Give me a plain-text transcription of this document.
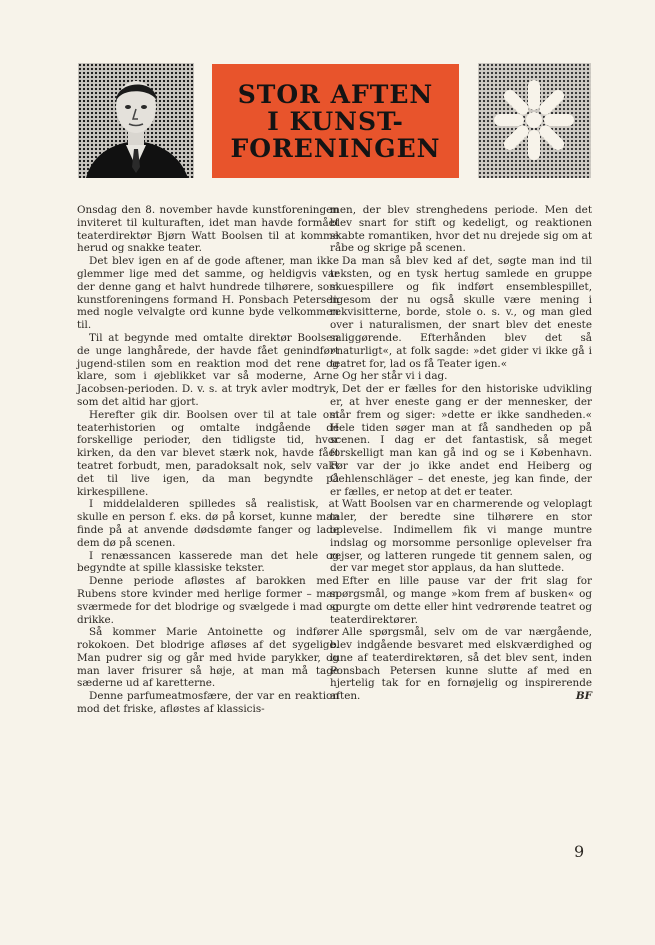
STOR AFTEN
I KUNST-
FORENINGEN

Onsdag den 8. november havde kunstforeningen inviteret til kulturaften, idet man havde formået teaterdirektør Bjørn Watt Boolsen til at komme herud og snakke teater.

Det blev igen en af de gode aftener, man ikke glemmer lige med det samme, og heldigvis var der denne gang et halvt hundrede tilhørere, som kunstforeningens formand H. Ponsbach Petersen med nogle velvalgte ord kunne byde velkommen til.

Til at begynde med omtalte direktør Boolsen de unge langhårede, der havde fået genindført jugend-stilen som en reaktion mod det rene og klare, som i øjeblikket var så moderne, Arne Jacobsen-perioden. D. v. s. at tryk avler modtryk, som det altid har gjort.

Herefter gik dir. Boolsen over til at tale om teaterhistorien og omtalte indgående de forskellige perioder, den tidligste tid, hvor kirken, da den var blevet stærk nok, havde fået teatret forbudt, men, paradoksalt nok, selv vakt det til live igen, da man begyndte på kirkespillene.

I middelalderen spilledes så realistisk, at skulle en person f. eks. dø på korset, kunne man finde på at anvende dødsdømte fanger og lade dem dø på scenen.

I renæssancen kasserede man det hele og begyndte at spille klassiske tekster.

Denne periode afløstes af barokken med Rubens store kvinder med herlige former – man sværmede for det blodrige og svælgede i mad og drikke.

Så kommer Marie Antoinette og indfører rokokoen. Det blodrige afløses af det sygelige. Man pudrer sig og går med hvide parykker, og man laver frisurer så høje, at man må tage sæderne ud af karetterne.

Denne parfumeatmosfære, der var en reaktion mod det friske, afløstes af klassicis-

men, der blev strenghedens periode. Men det blev snart for stift og kedeligt, og reaktionen skabte romantiken, hvor det nu drejede sig om at råbe og skrige på scenen.

Da man så blev ked af det, søgte man ind til teksten, og en tysk hertug samlede en gruppe skuespillere og fik indført ensemblespillet, ligesom der nu også skulle være mening i rekvisitterne, borde, stole o. s. v., og man gled over i naturalismen, der snart blev det eneste saliggørende. Efterhånden blev det så »naturligt«, at folk sagde: »det gider vi ikke gå i teatret for, lad os få Teater igen.«

Og her står vi i dag.

Det der er fælles for den historiske udvikling er, at hver eneste gang er der mennesker, der står frem og siger: »dette er ikke sandheden.« Hele tiden søger man at få sandheden op på scenen. I dag er det fantastisk, så meget forskelligt man kan gå ind og se i København. Før var der jo ikke andet end Heiberg og Oehlenschläger – det eneste, jeg kan finde, der er fælles, er netop at det er teater.

Watt Boolsen var en charmerende og veloplagt taler, der beredte sine tilhørere en stor oplevelse. Indimellem fik vi mange muntre indslag og morsomme personlige oplevelser fra rejser, og latteren rungede tit gennem salen, og der var meget stor applaus, da han sluttede.

Efter en lille pause var der frit slag for spørgsmål, og mange »kom frem af busken« og spurgte om dette eller hint vedrørende teatret og teaterdirektører.

Alle spørgsmål, selv om de var nærgående, blev indgående besvaret med elskværdighed og lune af teaterdirektøren, så det blev sent, inden Ponsbach Petersen kunne slutte af med en hjertelig tak for en fornøjelig og inspirerende aften.	BF

9
